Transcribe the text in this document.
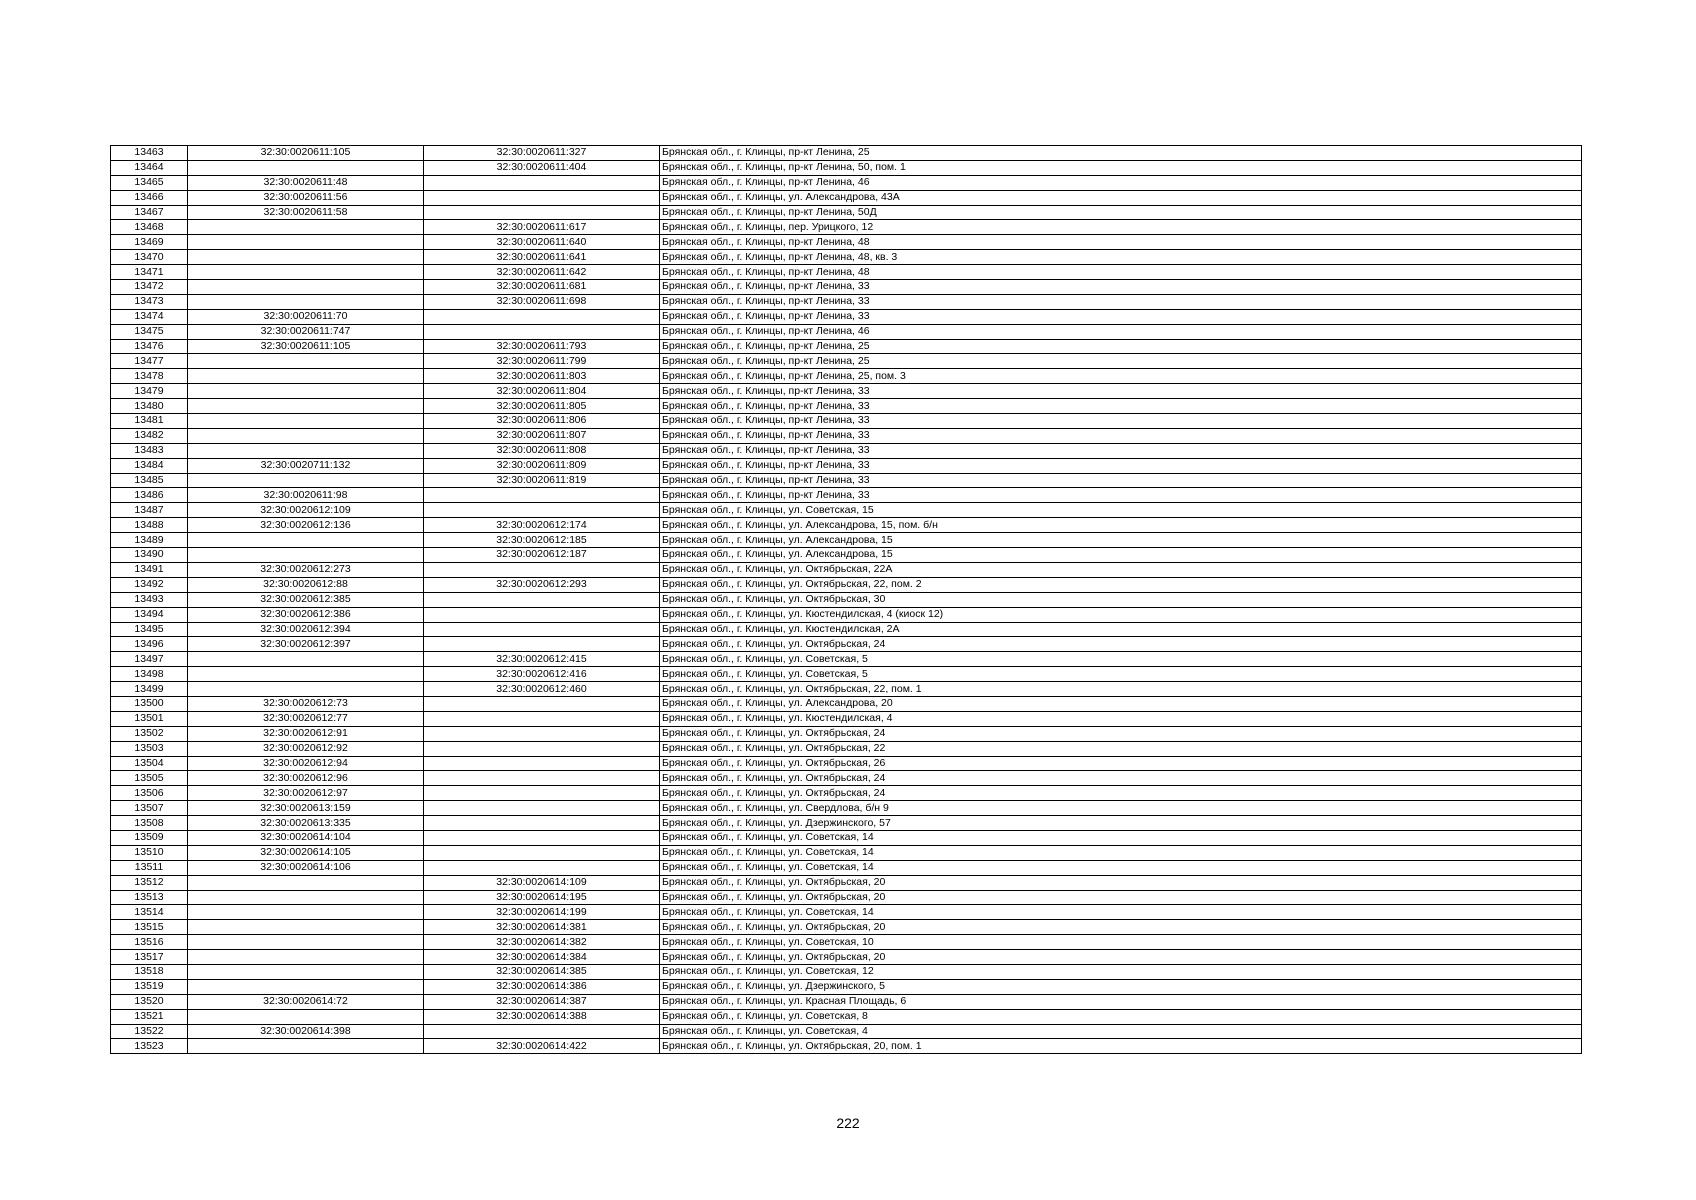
13463	32:30:0020611:105	32:30:0020611:327	Брянская обл., г. Клинцы, пр-кт Ленина, 25
13464		32:30:0020611:404	Брянская обл., г. Клинцы, пр-кт Ленина, 50, пом. 1
13465	32:30:0020611:48		Брянская обл., г. Клинцы, пр-кт Ленина, 46
13466	32:30:0020611:56		Брянская обл., г. Клинцы, ул. Александрова, 43А
13467	32:30:0020611:58		Брянская обл., г. Клинцы, пр-кт Ленина, 50Д
13468		32:30:0020611:617	Брянская обл., г. Клинцы, пер. Урицкого, 12
13469		32:30:0020611:640	Брянская обл., г. Клинцы, пр-кт Ленина, 48
13470		32:30:0020611:641	Брянская обл., г. Клинцы, пр-кт Ленина, 48, кв. 3
13471		32:30:0020611:642	Брянская обл., г. Клинцы, пр-кт Ленина, 48
13472		32:30:0020611:681	Брянская обл., г. Клинцы, пр-кт Ленина, 33
13473		32:30:0020611:698	Брянская обл., г. Клинцы, пр-кт Ленина, 33
13474	32:30:0020611:70		Брянская обл., г. Клинцы, пр-кт Ленина, 33
13475	32:30:0020611:747		Брянская обл., г. Клинцы, пр-кт Ленина, 46
13476	32:30:0020611:105	32:30:0020611:793	Брянская обл., г. Клинцы, пр-кт Ленина, 25
13477		32:30:0020611:799	Брянская обл., г. Клинцы, пр-кт Ленина, 25
13478		32:30:0020611:803	Брянская обл., г. Клинцы, пр-кт Ленина, 25, пом. 3
13479		32:30:0020611:804	Брянская обл., г. Клинцы, пр-кт Ленина, 33
13480		32:30:0020611:805	Брянская обл., г. Клинцы, пр-кт Ленина, 33
13481		32:30:0020611:806	Брянская обл., г. Клинцы, пр-кт Ленина, 33
13482		32:30:0020611:807	Брянская обл., г. Клинцы, пр-кт Ленина, 33
13483		32:30:0020611:808	Брянская обл., г. Клинцы, пр-кт Ленина, 33
13484	32:30:0020711:132	32:30:0020611:809	Брянская обл., г. Клинцы, пр-кт Ленина, 33
13485		32:30:0020611:819	Брянская обл., г. Клинцы, пр-кт Ленина, 33
13486	32:30:0020611:98		Брянская обл., г. Клинцы, пр-кт Ленина, 33
13487	32:30:0020612:109		Брянская обл., г. Клинцы, ул. Советская, 15
13488	32:30:0020612:136	32:30:0020612:174	Брянская обл., г. Клинцы, ул. Александрова, 15, пом. б/н
13489		32:30:0020612:185	Брянская обл., г. Клинцы, ул. Александрова, 15
13490		32:30:0020612:187	Брянская обл., г. Клинцы, ул. Александрова, 15
13491	32:30:0020612:273		Брянская обл., г. Клинцы, ул. Октябрьская, 22А
13492	32:30:0020612:88	32:30:0020612:293	Брянская обл., г. Клинцы, ул. Октябрьская, 22, пом. 2
13493	32:30:0020612:385		Брянская обл., г. Клинцы, ул. Октябрьская, 30
13494	32:30:0020612:386		Брянская обл., г. Клинцы, ул. Кюстендилская, 4 (киоск 12)
13495	32:30:0020612:394		Брянская обл., г. Клинцы, ул. Кюстендилская, 2А
13496	32:30:0020612:397		Брянская обл., г. Клинцы, ул. Октябрьская, 24
13497		32:30:0020612:415	Брянская обл., г. Клинцы, ул. Советская, 5
13498		32:30:0020612:416	Брянская обл., г. Клинцы, ул. Советская, 5
13499		32:30:0020612:460	Брянская обл., г. Клинцы, ул. Октябрьская, 22, пом. 1
13500	32:30:0020612:73		Брянская обл., г. Клинцы, ул. Александрова, 20
13501	32:30:0020612:77		Брянская обл., г. Клинцы, ул. Кюстендилская, 4
13502	32:30:0020612:91		Брянская обл., г. Клинцы, ул. Октябрьская, 24
13503	32:30:0020612:92		Брянская обл., г. Клинцы, ул. Октябрьская, 22
13504	32:30:0020612:94		Брянская обл., г. Клинцы, ул. Октябрьская, 26
13505	32:30:0020612:96		Брянская обл., г. Клинцы, ул. Октябрьская, 24
13506	32:30:0020612:97		Брянская обл., г. Клинцы, ул. Октябрьская, 24
13507	32:30:0020613:159		Брянская обл., г. Клинцы, ул. Свердлова, б/н 9
13508	32:30:0020613:335		Брянская обл., г. Клинцы, ул. Дзержинского, 57
13509	32:30:0020614:104		Брянская обл., г. Клинцы, ул. Советская, 14
13510	32:30:0020614:105		Брянская обл., г. Клинцы, ул. Советская, 14
13511	32:30:0020614:106		Брянская обл., г. Клинцы, ул. Советская, 14
13512		32:30:0020614:109	Брянская обл., г. Клинцы, ул. Октябрьская, 20
13513		32:30:0020614:195	Брянская обл., г. Клинцы, ул. Октябрьская, 20
13514		32:30:0020614:199	Брянская обл., г. Клинцы, ул. Советская, 14
13515		32:30:0020614:381	Брянская обл., г. Клинцы, ул. Октябрьская, 20
13516		32:30:0020614:382	Брянская обл., г. Клинцы, ул. Советская, 10
13517		32:30:0020614:384	Брянская обл., г. Клинцы, ул. Октябрьская, 20
13518		32:30:0020614:385	Брянская обл., г. Клинцы, ул. Советская, 12
13519		32:30:0020614:386	Брянская обл., г. Клинцы, ул. Дзержинского, 5
13520	32:30:0020614:72	32:30:0020614:387	Брянская обл., г. Клинцы, ул. Красная Площадь, 6
13521		32:30:0020614:388	Брянская обл., г. Клинцы, ул. Советская, 8
13522	32:30:0020614:398		Брянская обл., г. Клинцы, ул. Советская, 4
13523		32:30:0020614:422	Брянская обл., г. Клинцы, ул. Октябрьская, 20, пом. 1
222
